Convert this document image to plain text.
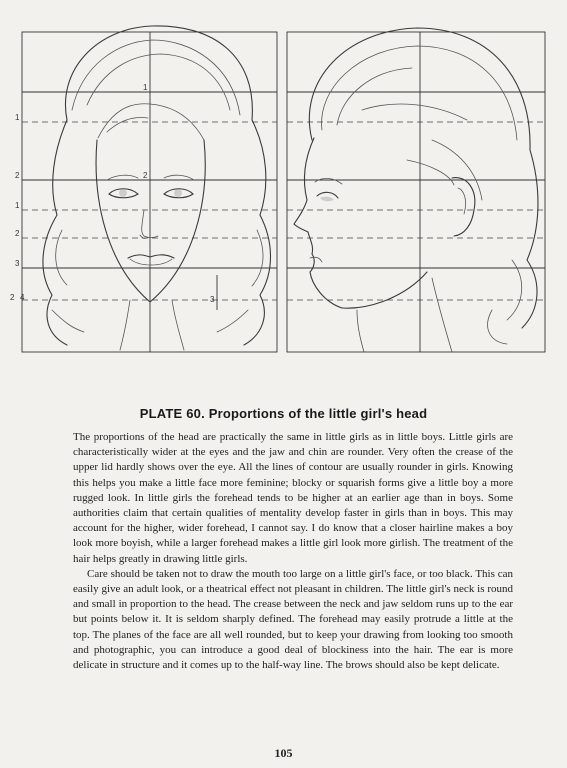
1
2
1
2
3
2 4
1
2
3
PLATE 60. Proportions of the little girl's head

The proportions of the head are practically the same in little girls as in little boys. Little girls are characteristically wider at the eyes and the jaw and chin are rounder. Very often the crease of the upper lid hardly shows over the eye. All the lines of contour are usually rounder in girls. Knowing this helps you make a little face more feminine; blocky or squarish forms give a little boy a more rugged look. In little girls the forehead tends to be higher at an earlier age than in boys. Some authorities claim that certain qualities of mentality develop faster in girls than in boys. This may account for the higher, wider forehead, I cannot say. I do know that a closer hairline makes a boy look more boyish, while a larger forehead makes a little girl look more girlish. The treatment of the hair helps greatly in drawing little girls.

Care should be taken not to draw the mouth too large on a little girl's face, or too black. This can easily give an adult look, or a theatrical effect not pleasant in children. The little girl's neck is round and small in proportion to the head. The crease between the neck and jaw seldom runs up to the ear but points below it. It is seldom sharply defined. The forehead may easily protrude a little at the top. The planes of the face are all well rounded, but to keep your drawing from looking too smooth and photographic, you can introduce a good deal of blockiness into the hair. The ear is more delicate in structure and it comes up to the half-way line. The brows should also be kept delicate.

105
